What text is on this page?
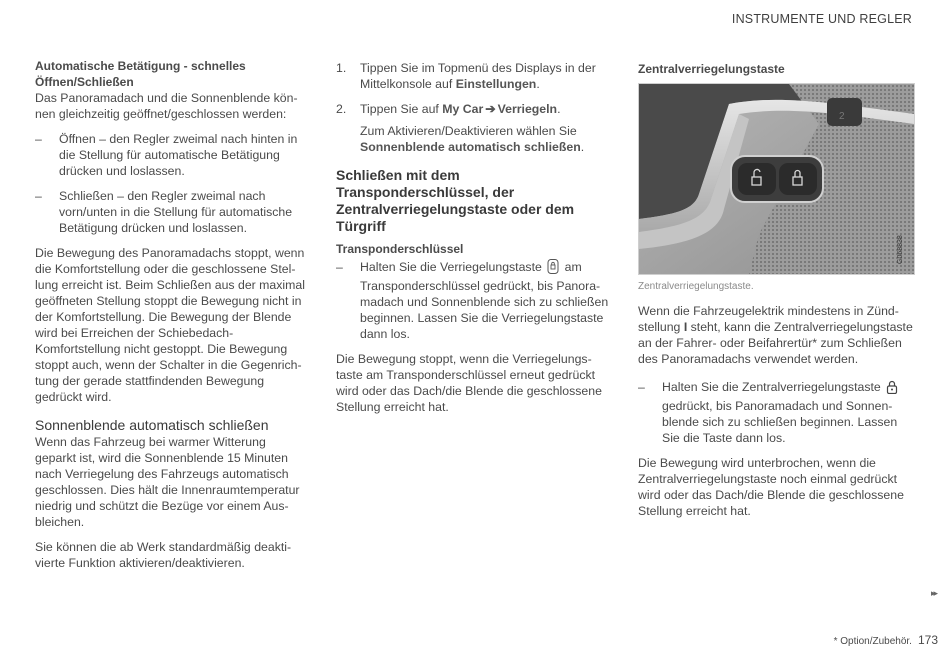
INSTRUMENTE UND REGLER

Automatische Betätigung - schnelles Öffnen/Schließen

Das Panoramadach und die Sonnenblende können gleichzeitig geöffnet/geschlossen werden:

– Öffnen – den Regler zweimal nach hinten in die Stellung für automatische Betätigung drücken und loslassen.
– Schließen – den Regler zweimal nach vorn/unten in die Stellung für automatische Betätigung drücken und loslassen.

Die Bewegung des Panoramadachs stoppt, wenn die Komfortstellung oder die geschlossene Stellung erreicht ist. Beim Schließen aus der maximal geöffneten Stellung stoppt die Bewegung nicht in der Komfortstellung. Die Bewegung der Blende wird bei Erreichen der Schiebedach-Komfortstellung nicht gestoppt. Die Bewegung stoppt auch, wenn der Schalter in die Gegenrichtung der gerade stattfindenden Bewegung gedrückt wird.

Sonnenblende automatisch schließen

Wenn das Fahrzeug bei warmer Witterung geparkt ist, wird die Sonnenblende 15 Minuten nach Verriegelung des Fahrzeugs automatisch geschlossen. Dies hält die Innenraumtemperatur niedrig und schützt die Bezüge vor einem Ausbleichen.

Sie können die ab Werk standardmäßig deaktivierte Funktion aktivieren/deaktivieren.

1. Tippen Sie im Topmenü des Displays in der Mittelkonsole auf Einstellungen.
2. Tippen Sie auf My Car ➔ Verriegeln.
Zum Aktivieren/Deaktivieren wählen Sie Sonnenblende automatisch schließen.

Schließen mit dem Transponderschlüssel, der Zentralverriegelungstaste oder dem Türgriff

Transponderschlüssel

– Halten Sie die Verriegelungstaste  am Transponderschlüssel gedrückt, bis Panoramadach und Sonnenblende sich zu schließen beginnen. Lassen Sie die Verriegelungstaste dann los.

Die Bewegung stoppt, wenn die Verriegelungstaste am Transponderschlüssel erneut gedrückt wird oder das Dach/die Blende die geschlossene Stellung erreicht hat.

Zentralverriegelungstaste

2
G068838
Zentralverriegelungstaste.

Wenn die Fahrzeugelektrik mindestens in Zündstellung I steht, kann die Zentralverriegelungstaste an der Fahrer- oder Beifahrertür* zum Schließen des Panoramadachs verwendet werden.

– Halten Sie die Zentralverriegelungstaste  gedrückt, bis Panoramadach und Sonnenblende sich zu schließen beginnen. Lassen Sie die Taste dann los.

Die Bewegung wird unterbrochen, wenn die Zentralverriegelungstaste noch einmal gedrückt wird oder das Dach/die Blende die geschlossene Stellung erreicht hat.

▸▸
* Option/Zubehör. 173
